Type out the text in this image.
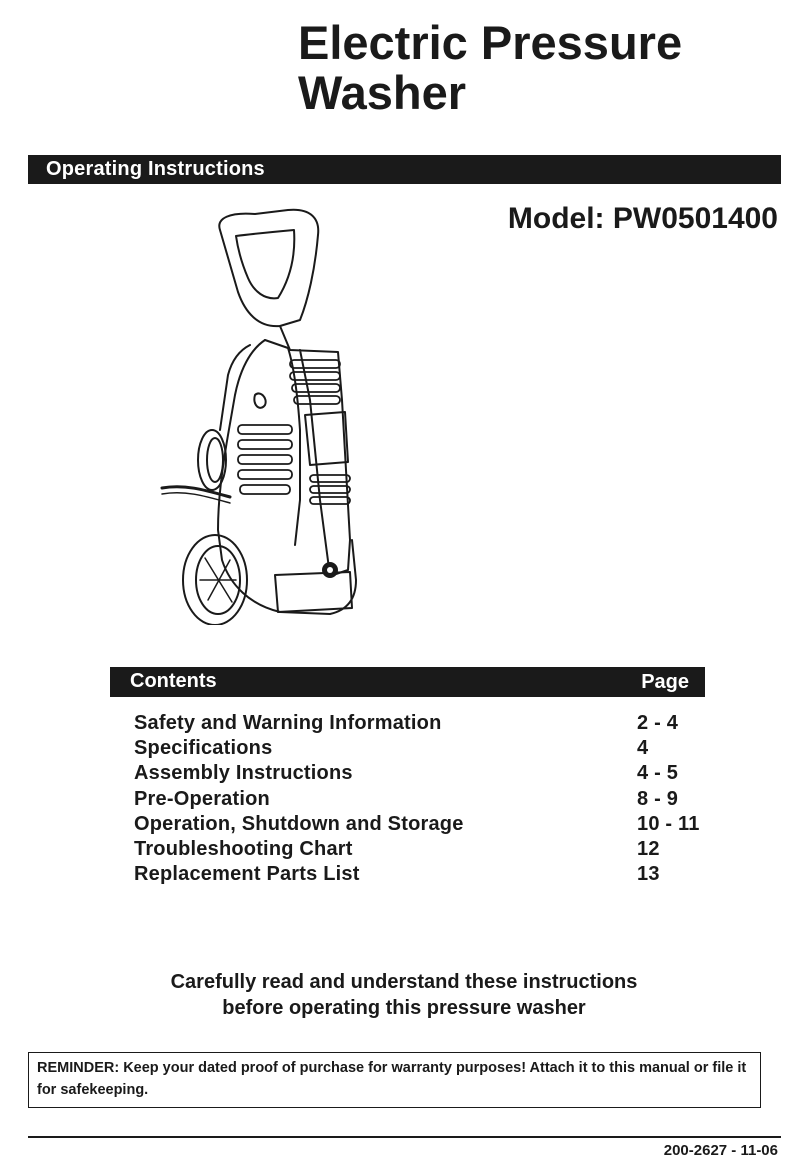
Electric Pressure
Washer
Operating Instructions
Model: PW0501400
Contents	Page
Safety and Warning Information	2 - 4
Specifications	4
Assembly Instructions	4 - 5
Pre-Operation	8 - 9
Operation, Shutdown and Storage	10 - 11
Troubleshooting Chart	12
Replacement Parts List	13
Carefully read and understand these instructions
before operating this pressure washer
REMINDER: Keep your dated proof of purchase for warranty purposes! Attach it to this manual or file it for safekeeping.
200-2627 - 11-06
